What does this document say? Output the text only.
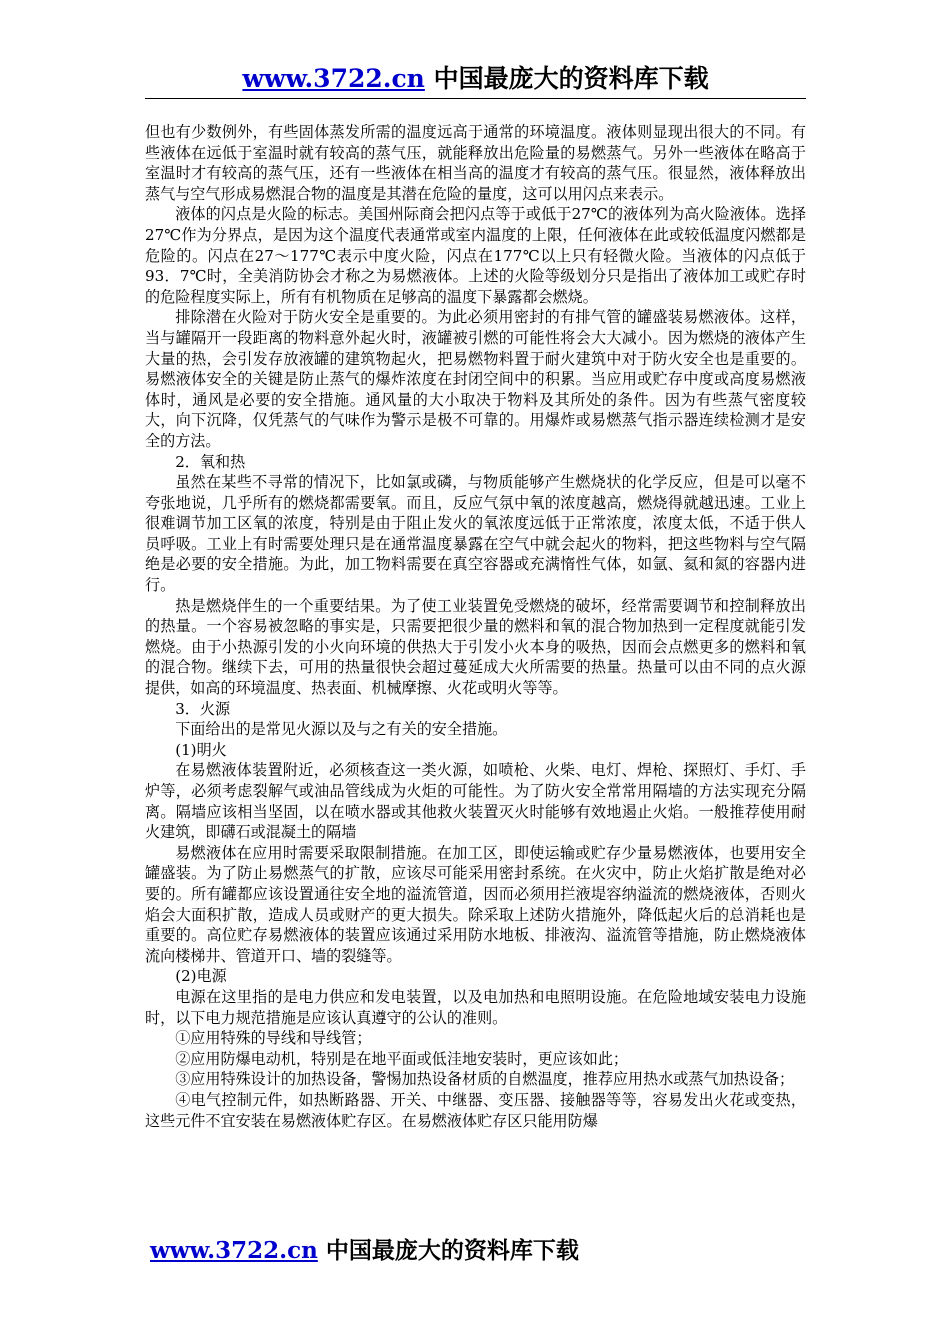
www.3722.cn 中国最庞大的资料库下载

但也有少数例外，有些固体蒸发所需的温度远高于通常的环境温度。液体则显现出很大的不同。有些液体在远低于室温时就有较高的蒸气压，就能释放出危险量的易燃蒸气。另外一些液体在略高于室温时才有较高的蒸气压，还有一些液体在相当高的温度才有较高的蒸气压。很显然，液体释放出蒸气与空气形成易燃混合物的温度是其潜在危险的量度，这可以用闪点来表示。

液体的闪点是火险的标志。美国州际商会把闪点等于或低于27℃的液体列为高火险液体。选择27℃作为分界点，是因为这个温度代表通常或室内温度的上限，任何液体在此或较低温度闪燃都是危险的。闪点在27～177℃表示中度火险，闪点在177℃以上只有轻微火险。当液体的闪点低于93．7℃时，全美消防协会才称之为易燃液体。上述的火险等级划分只是指出了液体加工或贮存时的危险程度实际上，所有有机物质在足够高的温度下暴露都会燃烧。

排除潜在火险对于防火安全是重要的。为此必须用密封的有排气管的罐盛装易燃液体。这样，当与罐隔开一段距离的物料意外起火时，液罐被引燃的可能性将会大大减小。因为燃烧的液体产生大量的热，会引发存放液罐的建筑物起火，把易燃物料置于耐火建筑中对于防火安全也是重要的。易燃液体安全的关键是防止蒸气的爆炸浓度在封闭空间中的积累。当应用或贮存中度或高度易燃液体时，通风是必要的安全措施。通风量的大小取决于物料及其所处的条件。因为有些蒸气密度较大，向下沉降，仅凭蒸气的气味作为警示是极不可靠的。用爆炸或易燃蒸气指示器连续检测才是安全的方法。

2．氧和热

虽然在某些不寻常的情况下，比如氯或磷，与物质能够产生燃烧状的化学反应，但是可以毫不夸张地说，几乎所有的燃烧都需要氧。而且，反应气氛中氧的浓度越高，燃烧得就越迅速。工业上很难调节加工区氧的浓度，特别是由于阻止发火的氧浓度远低于正常浓度，浓度太低，不适于供人员呼吸。工业上有时需要处理只是在通常温度暴露在空气中就会起火的物料，把这些物料与空气隔绝是必要的安全措施。为此，加工物料需要在真空容器或充满惰性气体，如氩、氦和氮的容器内进行。

热是燃烧伴生的一个重要结果。为了使工业装置免受燃烧的破坏，经常需要调节和控制释放出的热量。一个容易被忽略的事实是，只需要把很少量的燃料和氧的混合物加热到一定程度就能引发燃烧。由于小热源引发的小火向环境的供热大于引发小火本身的吸热，因而会点燃更多的燃料和氧的混合物。继续下去，可用的热量很快会超过蔓延成大火所需要的热量。热量可以由不同的点火源提供，如高的环境温度、热表面、机械摩擦、火花或明火等等。

3．火源

下面给出的是常见火源以及与之有关的安全措施。

(1)明火

在易燃液体装置附近，必须核查这一类火源，如喷枪、火柴、电灯、焊枪、探照灯、手灯、手炉等，必须考虑裂解气或油品管线成为火炬的可能性。为了防火安全常常用隔墙的方法实现充分隔离。隔墙应该相当坚固，以在喷水器或其他救火装置灭火时能够有效地遏止火焰。一般推荐使用耐火建筑，即礴石或混凝土的隔墙

易燃液体在应用时需要采取限制措施。在加工区，即使运输或贮存少量易燃液体，也要用安全罐盛装。为了防止易燃蒸气的扩散，应该尽可能采用密封系统。在火灾中，防止火焰扩散是绝对必要的。所有罐都应该设置通往安全地的溢流管道，因而必须用拦液堤容纳溢流的燃烧液体，否则火焰会大面积扩散，造成人员或财产的更大损失。除采取上述防火措施外，降低起火后的总消耗也是重要的。高位贮存易燃液体的装置应该通过采用防水地板、排液沟、溢流管等措施，防止燃烧液体流向楼梯井、管道开口、墙的裂缝等。

(2)电源

电源在这里指的是电力供应和发电装置，以及电加热和电照明设施。在危险地域安装电力设施时，以下电力规范措施是应该认真遵守的公认的准则。

①应用特殊的导线和导线管；

②应用防爆电动机，特别是在地平面或低洼地安装时，更应该如此；

③应用特殊设计的加热设备，警惕加热设备材质的自燃温度，推荐应用热水或蒸气加热设备；

④电气控制元件，如热断路器、开关、中继器、变压器、接触器等等，容易发出火花或变热，这些元件不宜安装在易燃液体贮存区。在易燃液体贮存区只能用防爆

www.3722.cn 中国最庞大的资料库下载
